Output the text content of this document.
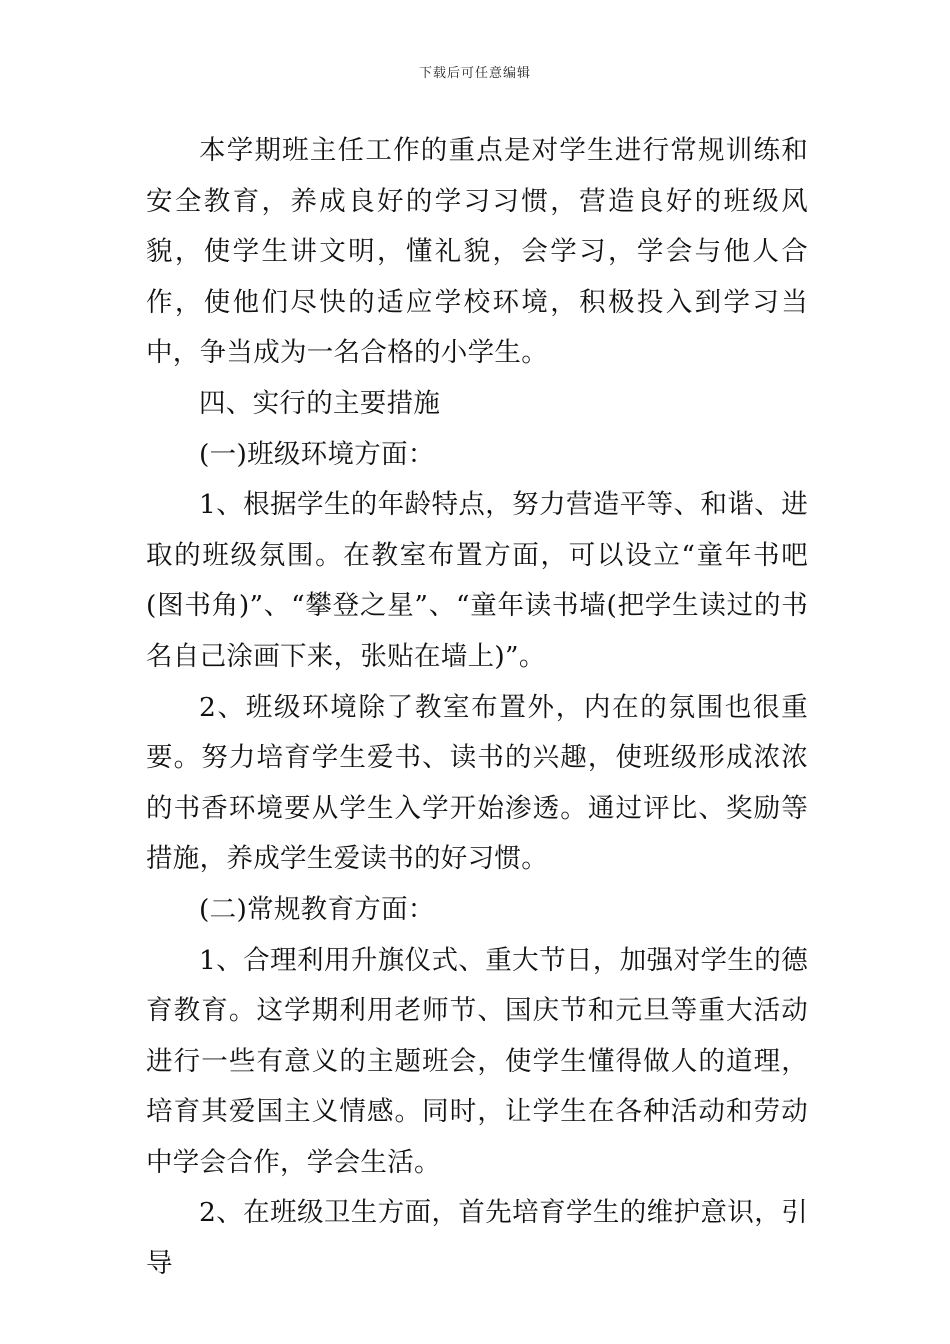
下载后可任意编辑

本学期班主任工作的重点是对学生进行常规训练和安全教育，养成良好的学习习惯，营造良好的班级风貌，使学生讲文明，懂礼貌，会学习，学会与他人合作，使他们尽快的适应学校环境，积极投入到学习当中，争当成为一名合格的小学生。

四、实行的主要措施

(一)班级环境方面：

1、根据学生的年龄特点，努力营造平等、和谐、进取的班级氛围。在教室布置方面，可以设立“童年书吧(图书角)”、“攀登之星”、“童年读书墙(把学生读过的书名自己涂画下来，张贴在墙上)”。

2、班级环境除了教室布置外，内在的氛围也很重要。努力培育学生爱书、读书的兴趣，使班级形成浓浓的书香环境要从学生入学开始渗透。通过评比、奖励等措施，养成学生爱读书的好习惯。

(二)常规教育方面：

1、合理利用升旗仪式、重大节日，加强对学生的德育教育。这学期利用老师节、国庆节和元旦等重大活动进行一些有意义的主题班会，使学生懂得做人的道理，培育其爱国主义情感。同时，让学生在各种活动和劳动中学会合作，学会生活。

2、在班级卫生方面，首先培育学生的维护意识，引导
